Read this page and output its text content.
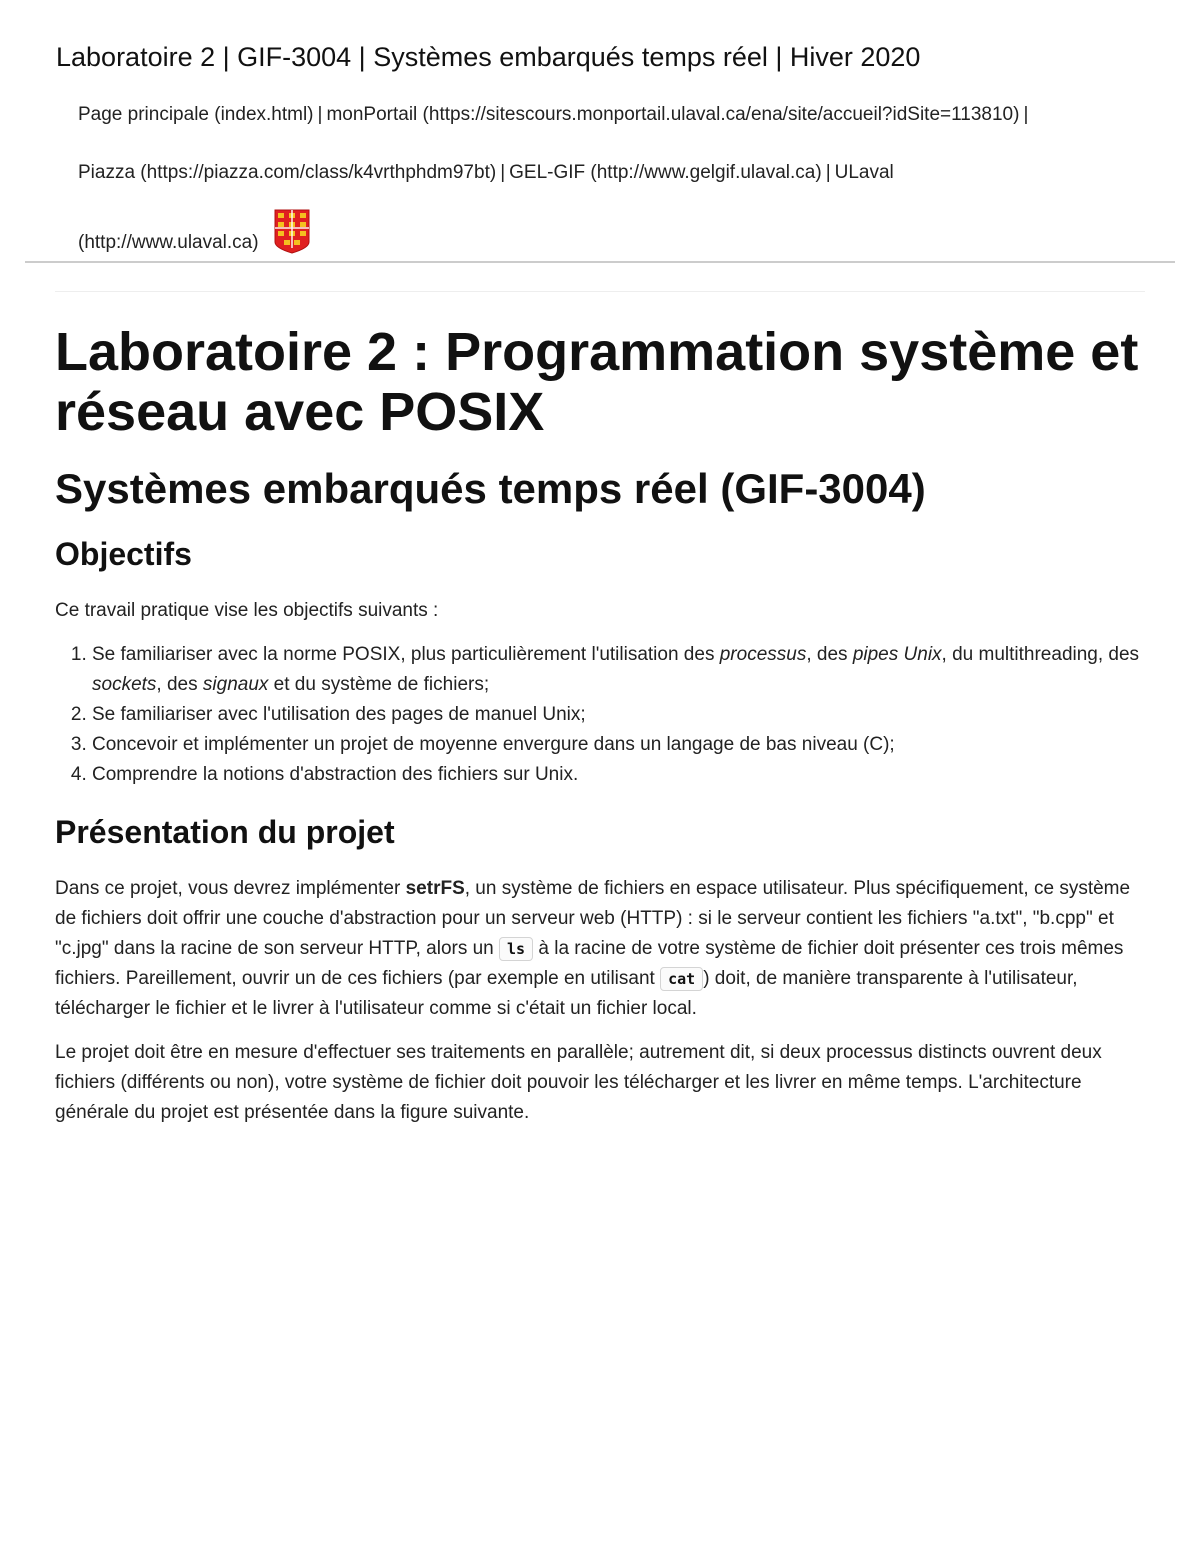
Laboratoire 2 | GIF-3004 | Systèmes embarqués temps réel | Hiver 2020
Page principale (index.html) | monPortail (https://sitescours.monportail.ulaval.ca/ena/site/accueil?idSite=113810) |
Piazza (https://piazza.com/class/k4vrthphdm97bt) | GEL-GIF (http://www.gelgif.ulaval.ca) | ULaval
(http://www.ulaval.ca)
Laboratoire 2 : Programmation système et réseau avec POSIX
Systèmes embarqués temps réel (GIF-3004)
Objectifs

Ce travail pratique vise les objectifs suivants :

1. Se familiariser avec la norme POSIX, plus particulièrement l'utilisation des processus, des pipes Unix, du multithreading, des sockets, des signaux et du système de fichiers;
2. Se familiariser avec l'utilisation des pages de manuel Unix;
3. Concevoir et implémenter un projet de moyenne envergure dans un langage de bas niveau (C);
4. Comprendre la notions d'abstraction des fichiers sur Unix.
Présentation du projet

Dans ce projet, vous devrez implémenter setrFS, un système de fichiers en espace utilisateur. Plus spécifiquement, ce système de fichiers doit offrir une couche d'abstraction pour un serveur web (HTTP) : si le serveur contient les fichiers "a.txt", "b.cpp" et "c.jpg" dans la racine de son serveur HTTP, alors un ls à la racine de votre système de fichier doit présenter ces trois mêmes fichiers. Pareillement, ouvrir un de ces fichiers (par exemple en utilisant cat ) doit, de manière transparente à l'utilisateur, télécharger le fichier et le livrer à l'utilisateur comme si c'était un fichier local.

Le projet doit être en mesure d'effectuer ses traitements en parallèle; autrement dit, si deux processus distincts ouvrent deux fichiers (différents ou non), votre système de fichier doit pouvoir les télécharger et les livrer en même temps. L'architecture générale du projet est présentée dans la figure suivante.
